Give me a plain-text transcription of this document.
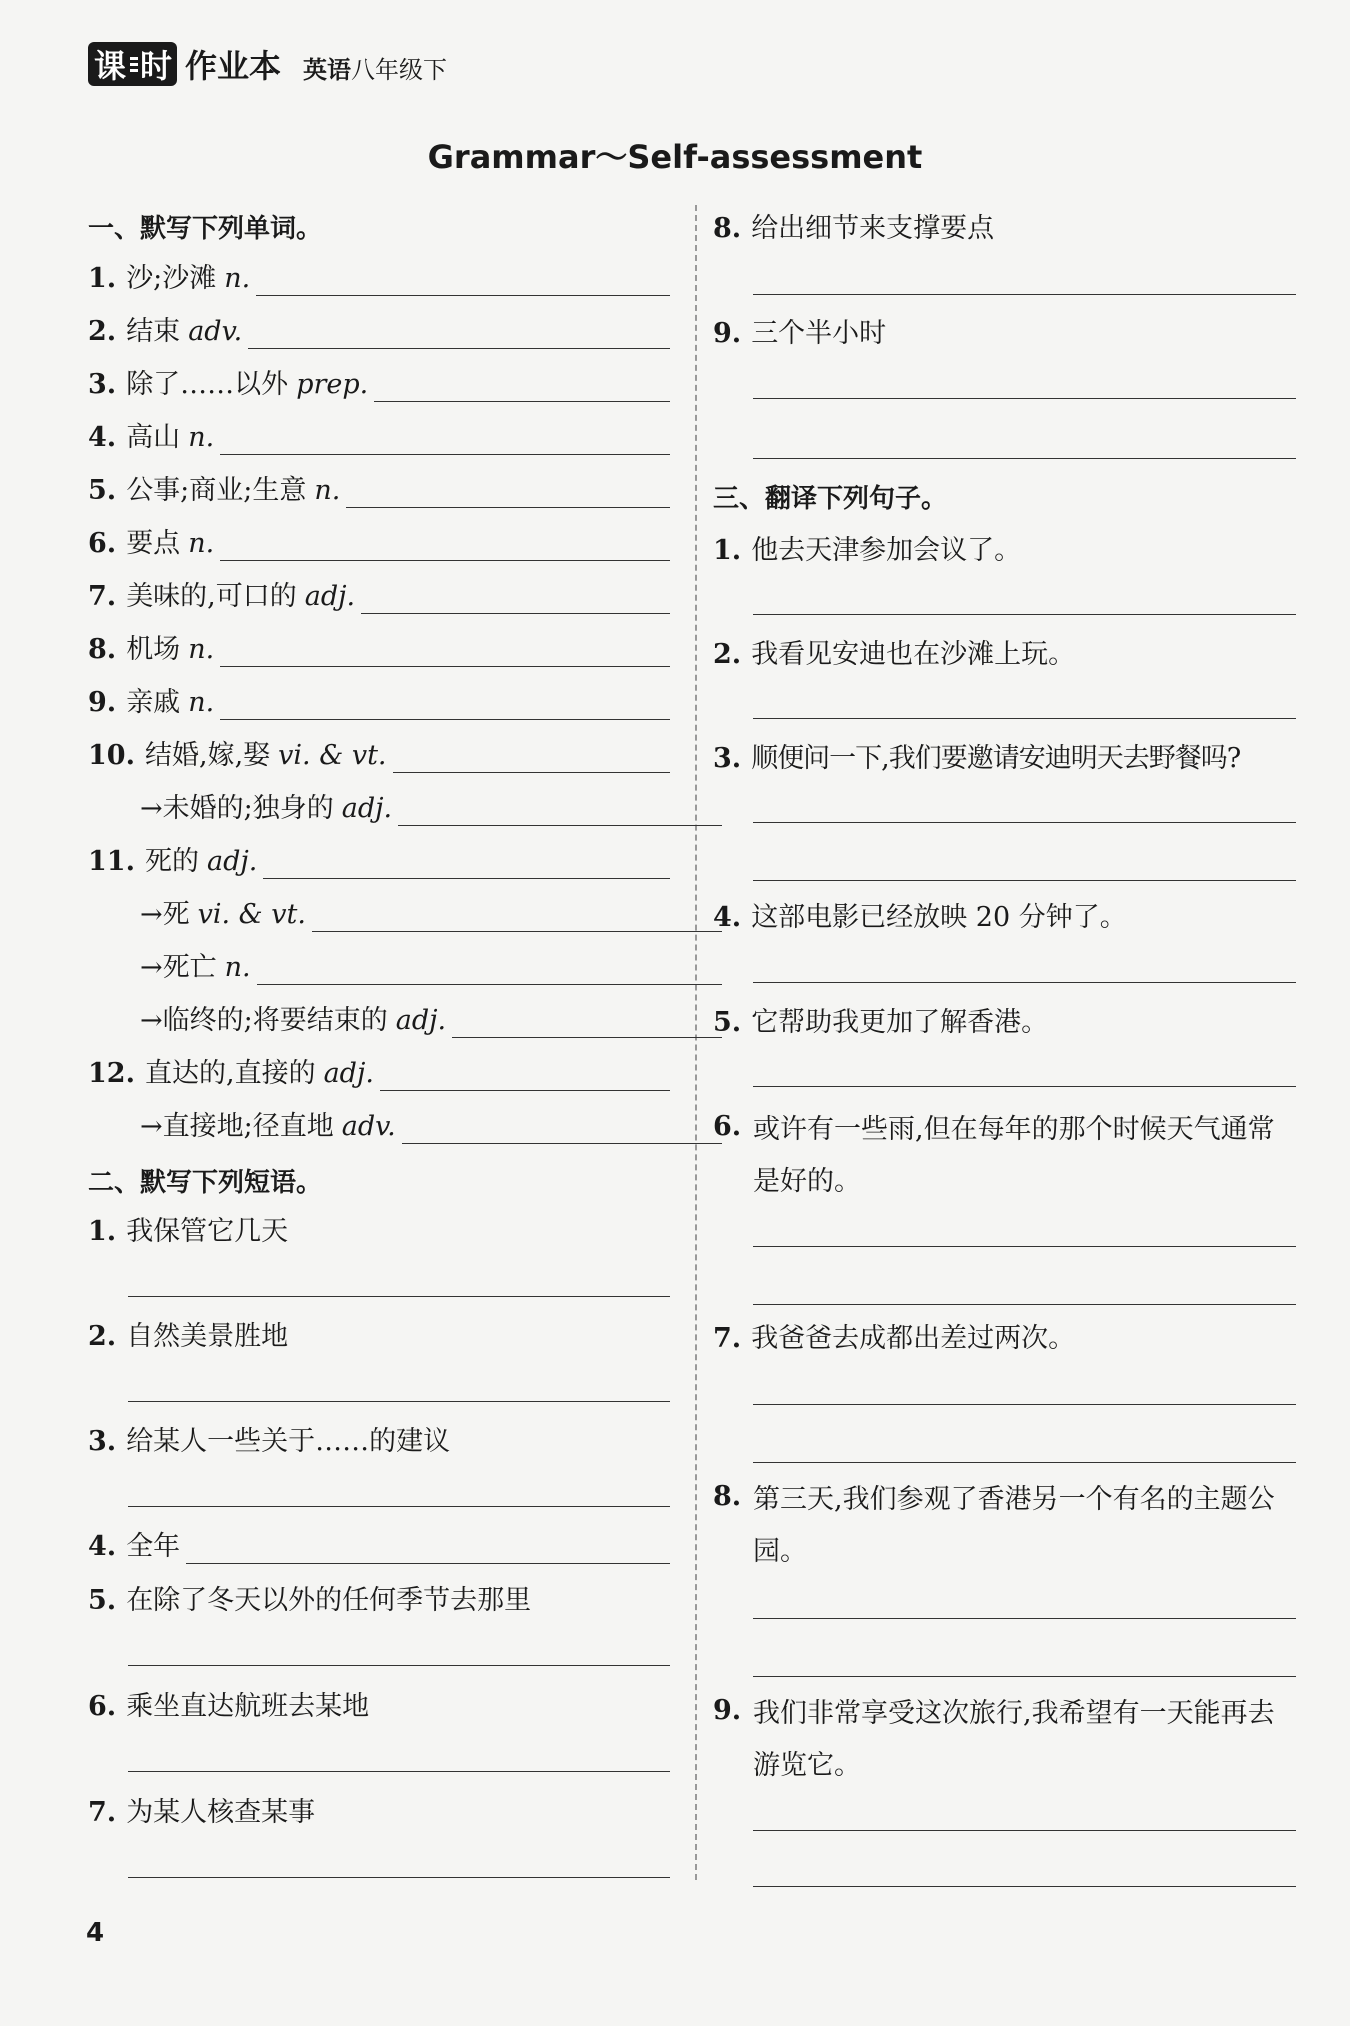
课 时 作业本 英语八年级下
Grammar～Self-assessment
一、默写下列单词。
1. 沙;沙滩 n.
2. 结束 adv.
3. 除了……以外 prep.
4. 高山 n.
5. 公事;商业;生意 n.
6. 要点 n.
7. 美味的,可口的 adj.
8. 机场 n.
9. 亲戚 n.
10. 结婚,嫁,娶 vi. & vt.
→未婚的;独身的 adj.
11. 死的 adj.
→死 vi. & vt.
→死亡 n.
→临终的;将要结束的 adj.
12. 直达的,直接的 adj.
→直接地;径直地 adv.
二、默写下列短语。
1. 我保管它几天
2. 自然美景胜地
3. 给某人一些关于……的建议
4. 全年
5. 在除了冬天以外的任何季节去那里
6. 乘坐直达航班去某地
7. 为某人核查某事
8. 给出细节来支撑要点
9. 三个半小时
三、翻译下列句子。
1. 他去天津参加会议了。
2. 我看见安迪也在沙滩上玩。
3. 顺便问一下,我们要邀请安迪明天去野餐吗?
4. 这部电影已经放映 20 分钟了。
5. 它帮助我更加了解香港。
6. 或许有一些雨,但在每年的那个时候天气通常是好的。
7. 我爸爸去成都出差过两次。
8. 第三天,我们参观了香港另一个有名的主题公园。
9. 我们非常享受这次旅行,我希望有一天能再去游览它。
4
